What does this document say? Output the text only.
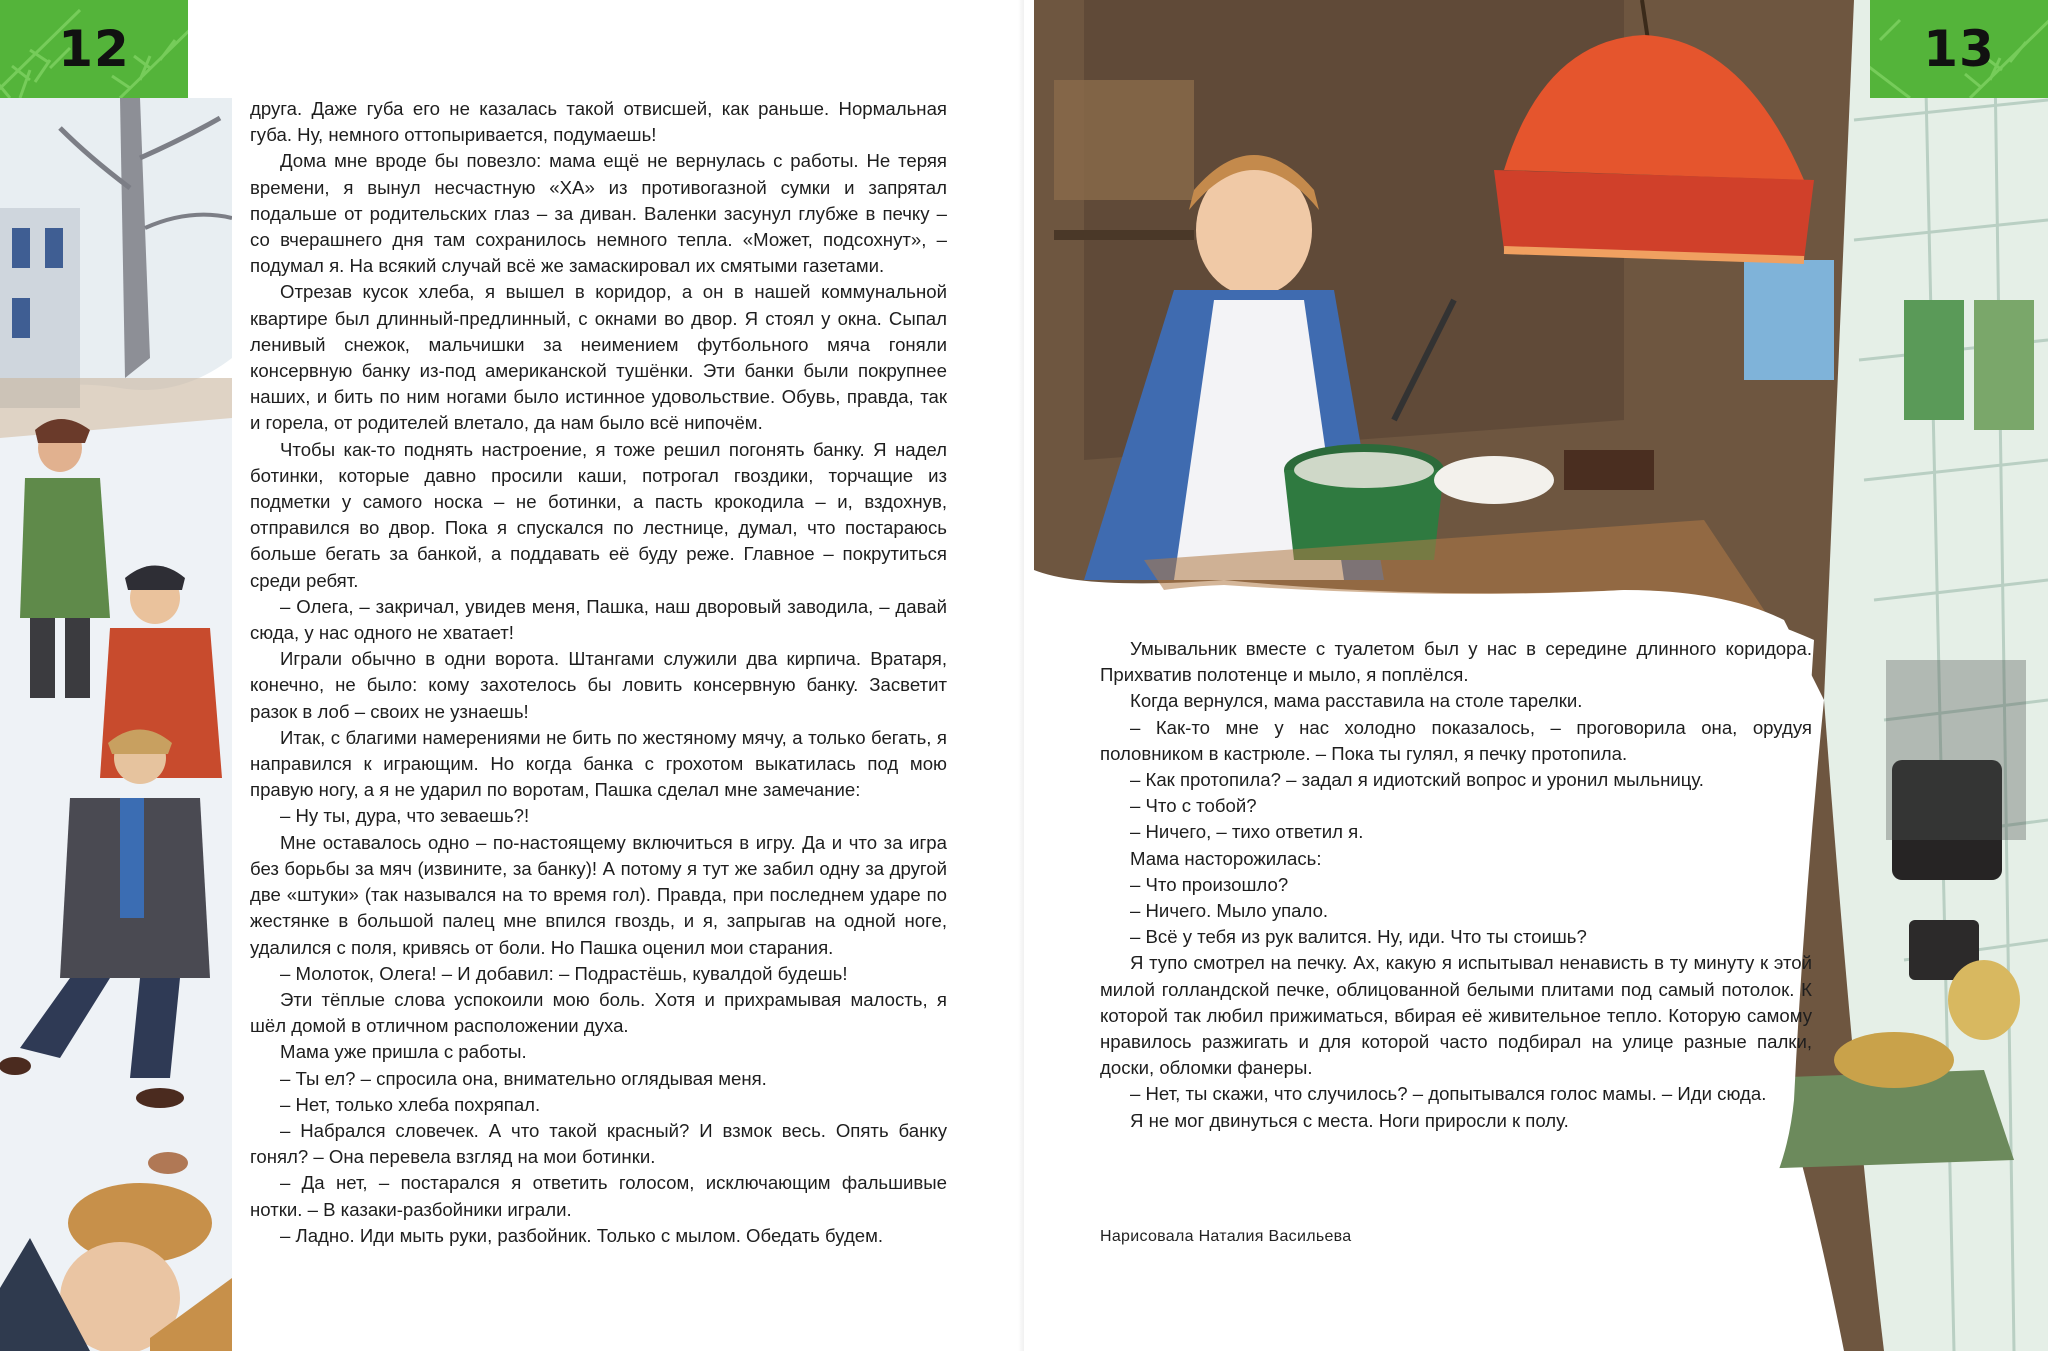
12

друга. Даже губа его не казалась такой отвисшей, как раньше. Нормальная губа. Ну, немного оттопыривается, подумаешь!

Дома мне вроде бы повезло: мама ещё не вернулась с работы. Не теряя времени, я вынул несчастную «ХА» из противогазной сумки и запрятал подальше от родительских глаз – за диван. Валенки засунул глубже в печку – со вчерашнего дня там сохранилось немного тепла. «Может, подсохнут», – подумал я. На всякий случай всё же замаскировал их смятыми газетами.

Отрезав кусок хлеба, я вышел в коридор, а он в нашей коммунальной квартире был длинный-предлинный, с окнами во двор. Я стоял у окна. Сыпал ленивый снежок, мальчишки за неимением футбольного мяча гоняли консервную банку из-под американской тушёнки. Эти банки были покрупнее наших, и бить по ним ногами было истинное удовольствие. Обувь, правда, так и горела, от родителей влетало, да нам было всё нипочём.

Чтобы как-то поднять настроение, я тоже решил погонять банку. Я надел ботинки, которые давно просили каши, потрогал гвоздики, торчащие из подметки у самого носка – не ботинки, а пасть крокодила – и, вздохнув, отправился во двор. Пока я спускался по лестнице, думал, что постараюсь больше бегать за банкой, а поддавать её буду реже. Главное – покрутиться среди ребят.

– Олега, – закричал, увидев меня, Пашка, наш дворовый заводила, – давай сюда, у нас одного не хватает!

Играли обычно в одни ворота. Штангами служили два кирпича. Вратаря, конечно, не было: кому захотелось бы ловить консервную банку. Засветит разок в лоб – своих не узнаешь!

Итак, с благими намерениями не бить по жестяному мячу, а только бегать, я направился к играющим. Но когда банка с грохотом выкатилась под мою правую ногу, а я не ударил по воротам, Пашка сделал мне замечание:

– Ну ты, дура, что зеваешь?!

Мне оставалось одно – по-настоящему включиться в игру. Да и что за игра без борьбы за мяч (извините, за банку)! А потому я тут же забил одну за другой две «штуки» (так назывался на то время гол). Правда, при последнем ударе по жестянке в большой палец мне впился гвоздь, и я, запрыгав на одной ноге, удалился с поля, кривясь от боли. Но Пашка оценил мои старания.

– Молоток, Олега! – И добавил: – Подрастёшь, кувалдой будешь!

Эти тёплые слова успокоили мою боль. Хотя и прихрамывая малость, я шёл домой в отличном расположении духа.

Мама уже пришла с работы.

– Ты ел? – спросила она, внимательно оглядывая меня.

– Нет, только хлеба похряпал.

– Набрался словечек. А что такой красный? И взмок весь. Опять банку гонял? – Она перевела взгляд на мои ботинки.

– Да нет, – постарался я ответить голосом, исключающим фальшивые нотки. – В казаки-разбойники играли.

– Ладно. Иди мыть руки, разбойник. Только с мылом. Обедать будем.

13

Умывальник вместе с туалетом был у нас в середине длинного коридора. Прихватив полотенце и мыло, я поплёлся.

Когда вернулся, мама расставила на столе тарелки.

– Как-то мне у нас холодно показалось, – проговорила она, орудуя половником в кастрюле. – Пока ты гулял, я печку протопила.

– Как протопила? – задал я идиотский вопрос и уронил мыльницу.

– Что с тобой?

– Ничего, – тихо ответил я.

Мама насторожилась:

– Что произошло?

– Ничего. Мыло упало.

– Всё у тебя из рук валится. Ну, иди. Что ты стоишь?

Я тупо смотрел на печку. Ах, какую я испытывал ненависть в ту минуту к этой милой голландской печке, облицованной белыми плитами под самый потолок. К которой так любил прижиматься, вбирая её живительное тепло. Которую самому нравилось разжигать и для которой часто подбирал на улице разные палки, доски, обломки фанеры.

– Нет, ты скажи, что случилось? – допытывался голос мамы. – Иди сюда.

Я не мог двинуться с места. Ноги приросли к полу.

Нарисовала Наталия Васильева
